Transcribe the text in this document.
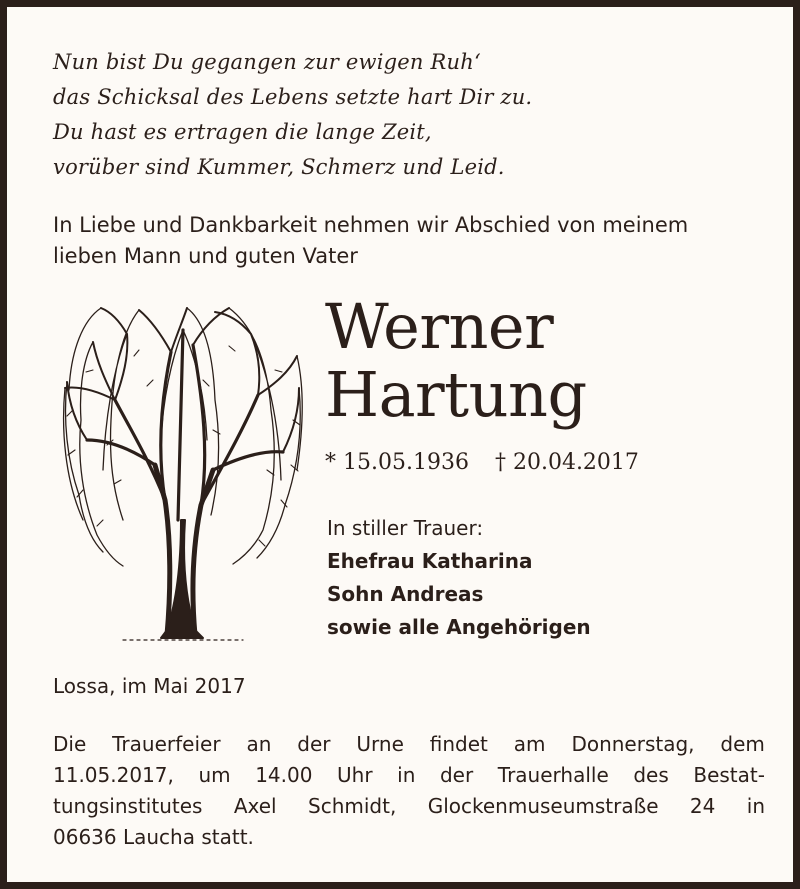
Nun bist Du gegangen zur ewigen Ruh‘
das Schicksal des Lebens setzte hart Dir zu.
Du hast es ertragen die lange Zeit,
vorüber sind Kummer, Schmerz und Leid.
In Liebe und Dankbarkeit nehmen wir Abschied von meinem
lieben Mann und guten Vater
Werner
Hartung
* 15.05.1936 † 20.04.2017
In stiller Trauer:
Ehefrau Katharina
Sohn Andreas
sowie alle Angehörigen
Lossa, im Mai 2017
Die Trauerfeier an der Urne findet am Donnerstag, dem
11.05.2017, um 14.00 Uhr in der Trauerhalle des Bestat-
tungsinstitutes Axel Schmidt, Glockenmuseumstraße 24 in
06636 Laucha statt.
